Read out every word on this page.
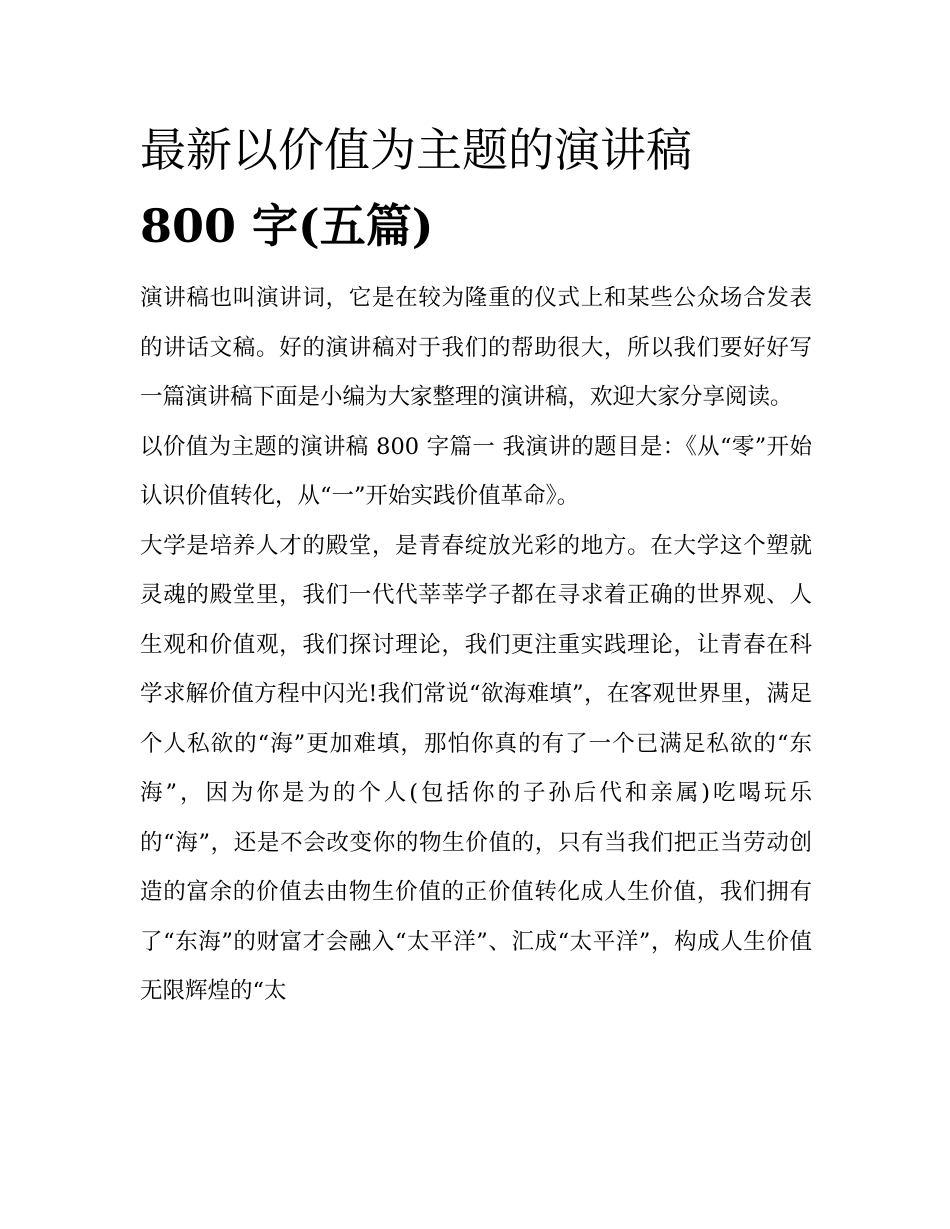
最新以价值为主题的演讲稿
800 字(五篇)

演讲稿也叫演讲词，它是在较为隆重的仪式上和某些公众场合发表的讲话文稿。好的演讲稿对于我们的帮助很大，所以我们要好好写一篇演讲稿下面是小编为大家整理的演讲稿，欢迎大家分享阅读。

以价值为主题的演讲稿 800 字篇一 我演讲的题目是：《从“零”开始认识价值转化，从“一”开始实践价值革命》。

大学是培养人才的殿堂，是青春绽放光彩的地方。在大学这个塑就灵魂的殿堂里，我们一代代莘莘学子都在寻求着正确的世界观、人生观和价值观，我们探讨理论，我们更注重实践理论，让青春在科学求解价值方程中闪光!我们常说“欲海难填”，在客观世界里，满足个人私欲的“海”更加难填，那怕你真的有了一个已满足私欲的“东海”，因为你是为的个人(包括你的子孙后代和亲属)吃喝玩乐的“海”，还是不会改变你的物生价值的，只有当我们把正当劳动创造的富余的价值去由物生价值的正价值转化成人生价值，我们拥有了“东海”的财富才会融入“太平洋”、汇成“太平洋”，构成人生价值无限辉煌的“太
